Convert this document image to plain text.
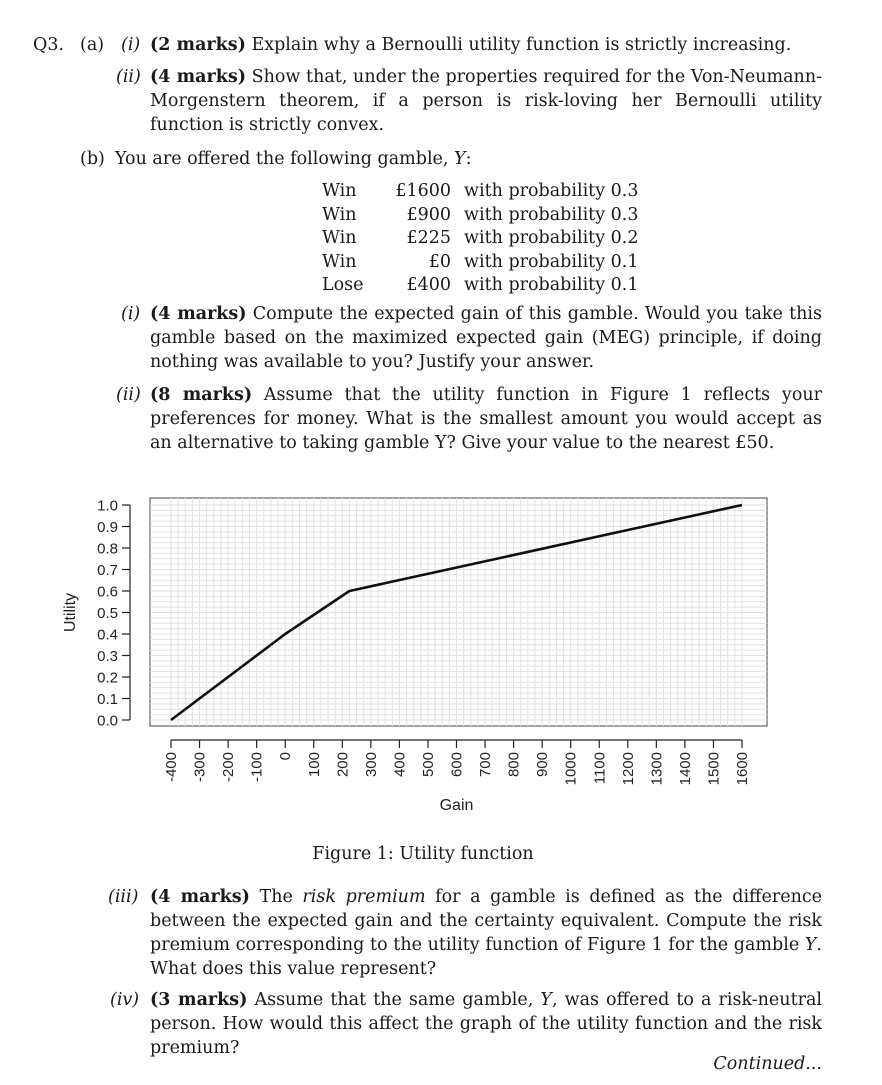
Q3. (a) (i) (2 marks) Explain why a Bernoulli utility function is strictly increasing.
(ii) (4 marks) Show that, under the properties required for the Von-Neumann-Morgenstern theorem, if a person is risk-loving her Bernoulli utility function is strictly convex.
(b) You are offered the following gamble, Y:
Win	£1600 with probability 0.3
Win	£900 with probability 0.3
Win	£225 with probability 0.2
Win	£0 with probability 0.1
Lose	£400 with probability 0.1
(i) (4 marks) Compute the expected gain of this gamble. Would you take this gamble based on the maximized expected gain (MEG) principle, if doing nothing was available to you? Justify your answer.
(ii) (8 marks) Assume that the utility function in Figure 1 reflects your preferences for money. What is the smallest amount you would accept as an alternative to taking gamble Y? Give your value to the nearest £50.
0.0
0.1
0.2
0.3
0.4
0.5
0.6
0.7
0.8
0.9
1.0
-400 -300 -200 -100 0 100 200 300 400 500 600 700 800 900 1000 1100 1200 1300 1400 1500 1600
Gain
Utility
Figure 1: Utility function
(iii) (4 marks) The risk premium for a gamble is defined as the difference between the expected gain and the certainty equivalent. Compute the risk premium corresponding to the utility function of Figure 1 for the gamble Y. What does this value represent?
(iv) (3 marks) Assume that the same gamble, Y, was offered to a risk-neutral person. How would this affect the graph of the utility function and the risk premium?
Continued...
